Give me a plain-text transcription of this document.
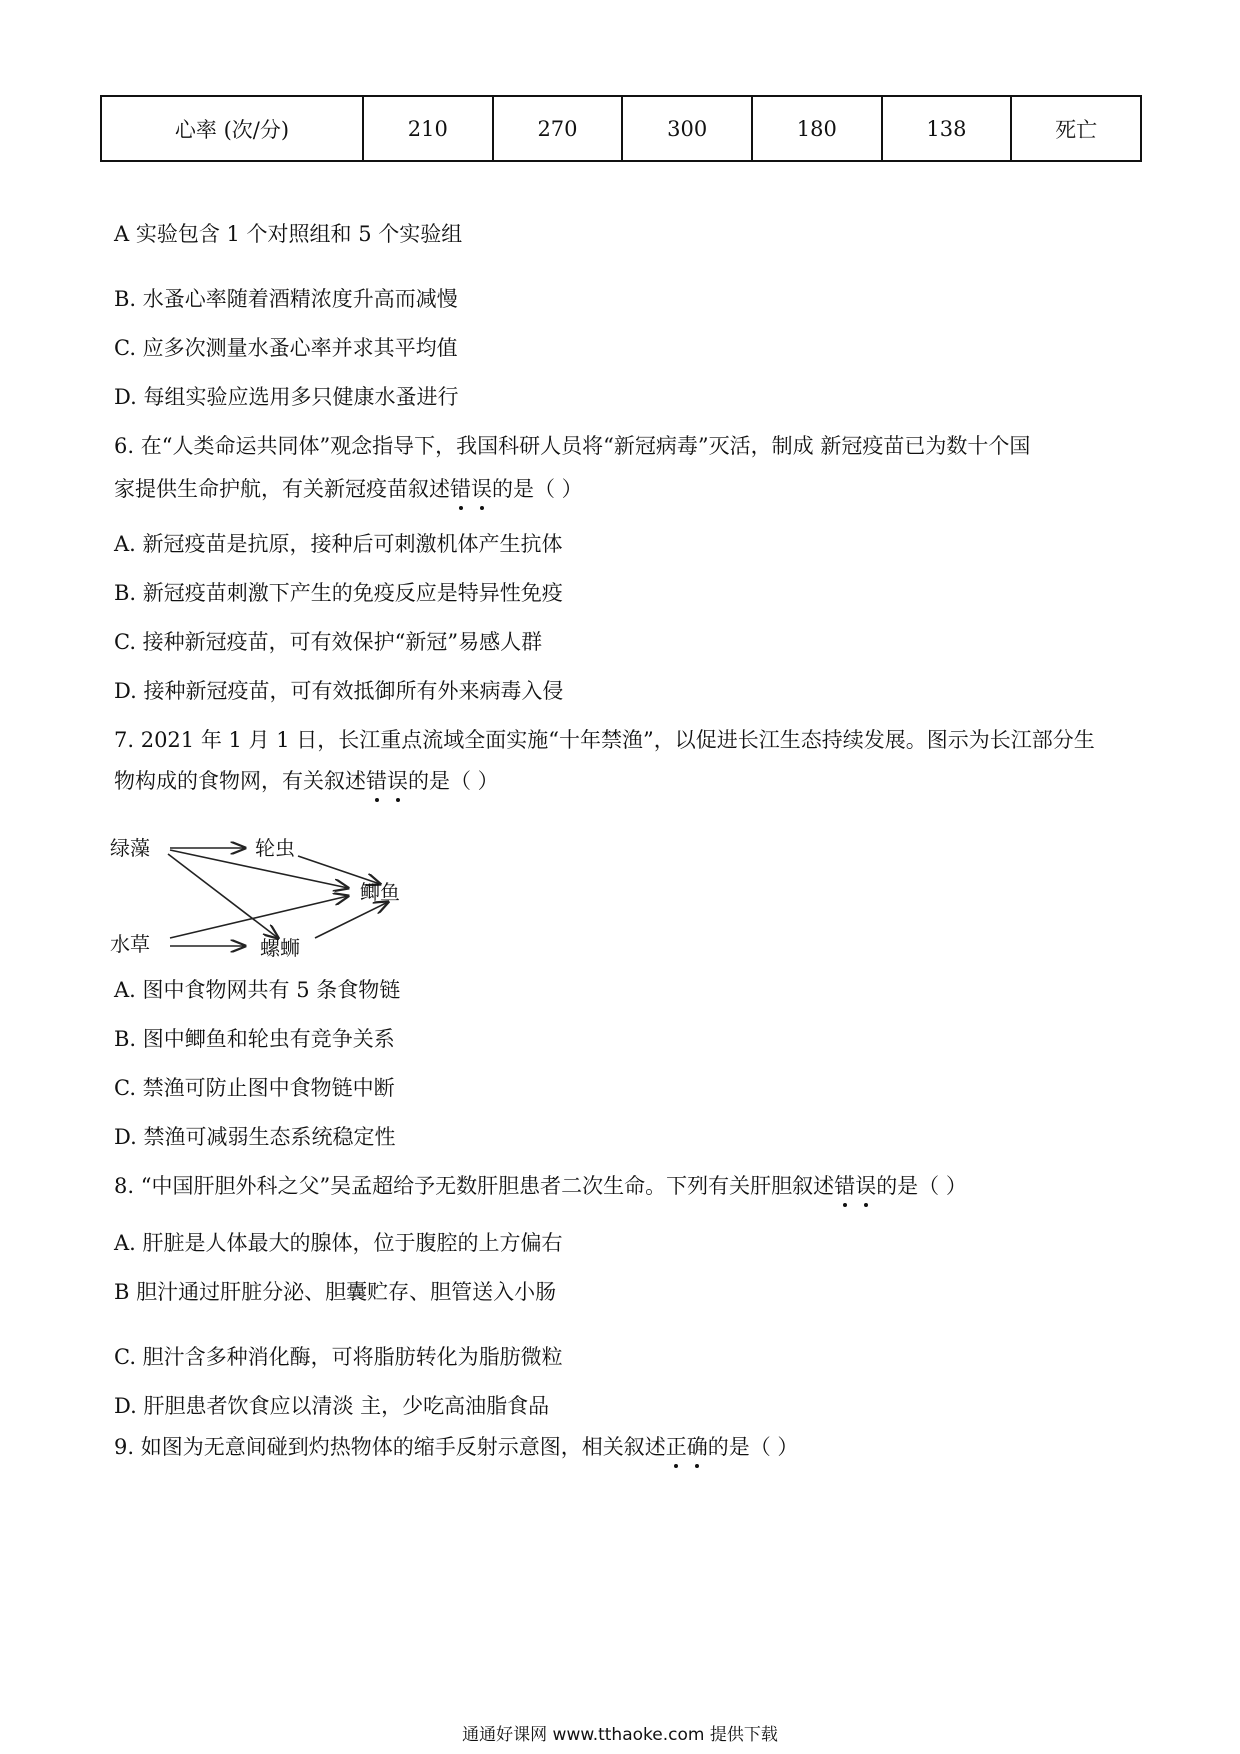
心率 (次/分)	210	270	300	180	138	死亡
A 实验包含 1 个对照组和 5 个实验组
B. 水蚤心率随着酒精浓度升高而减慢
C. 应多次测量水蚤心率并求其平均值
D. 每组实验应选用多只健康水蚤进行
6. 在“人类命运共同体”观念指导下，我国科研人员将“新冠病毒”灭活，制成 新冠疫苗已为数十个国
家提供生命护航，有关新冠疫苗叙述错误的是（ ）
A. 新冠疫苗是抗原，接种后可刺激机体产生抗体
B. 新冠疫苗刺激下产生的免疫反应是特异性免疫
C. 接种新冠疫苗，可有效保护“新冠”易感人群
D. 接种新冠疫苗，可有效抵御所有外来病毒入侵
7. 2021 年 1 月 1 日，长江重点流域全面实施“十年禁渔”，以促进长江生态持续发展。图示为长江部分生
物构成的食物网，有关叙述错误的是（ ）
绿藻	轮虫
鲫鱼
水草	螺蛳
A. 图中食物网共有 5 条食物链
B. 图中鲫鱼和轮虫有竞争关系
C. 禁渔可防止图中食物链中断
D. 禁渔可减弱生态系统稳定性
8. “中国肝胆外科之父”吴孟超给予无数肝胆患者二次生命。下列有关肝胆叙述错误的是（ ）
A. 肝脏是人体最大的腺体，位于腹腔的上方偏右
B 胆汁通过肝脏分泌、胆囊贮存、胆管送入小肠
C. 胆汁含多种消化酶，可将脂肪转化为脂肪微粒
D. 肝胆患者饮食应以清淡 主，少吃高油脂食品
9. 如图为无意间碰到灼热物体的缩手反射示意图，相关叙述正确的是（ ）
通通好课网 www.tthaoke.com 提供下载
